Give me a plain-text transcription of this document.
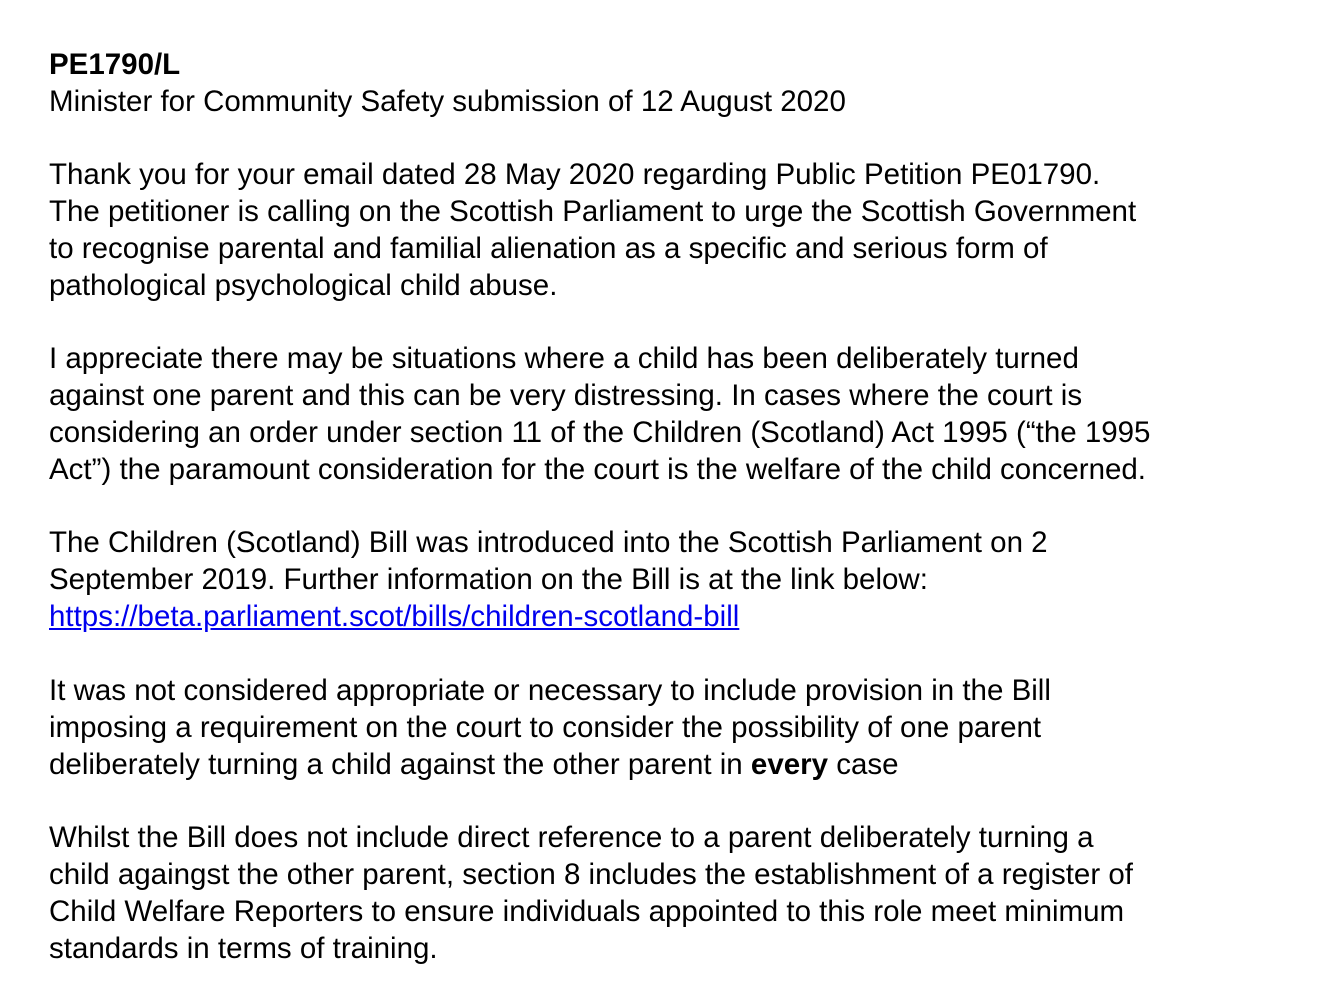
PE1790/L
Minister for Community Safety submission of 12 August 2020
Thank you for your email dated 28 May 2020 regarding Public Petition PE01790.
The petitioner is calling on the Scottish Parliament to urge the Scottish Government
to recognise parental and familial alienation as a specific and serious form of
pathological psychological child abuse.
I appreciate there may be situations where a child has been deliberately turned
against one parent and this can be very distressing. In cases where the court is
considering an order under section 11 of the Children (Scotland) Act 1995 (“the 1995
Act”) the paramount consideration for the court is the welfare of the child concerned.
The Children (Scotland) Bill was introduced into the Scottish Parliament on 2
September 2019. Further information on the Bill is at the link below:
https://beta.parliament.scot/bills/children-scotland-bill
It was not considered appropriate or necessary to include provision in the Bill
imposing a requirement on the court to consider the possibility of one parent
deliberately turning a child against the other parent in every case
Whilst the Bill does not include direct reference to a parent deliberately turning a
child againgst the other parent, section 8 includes the establishment of a register of
Child Welfare Reporters to ensure individuals appointed to this role meet minimum
standards in terms of training.
